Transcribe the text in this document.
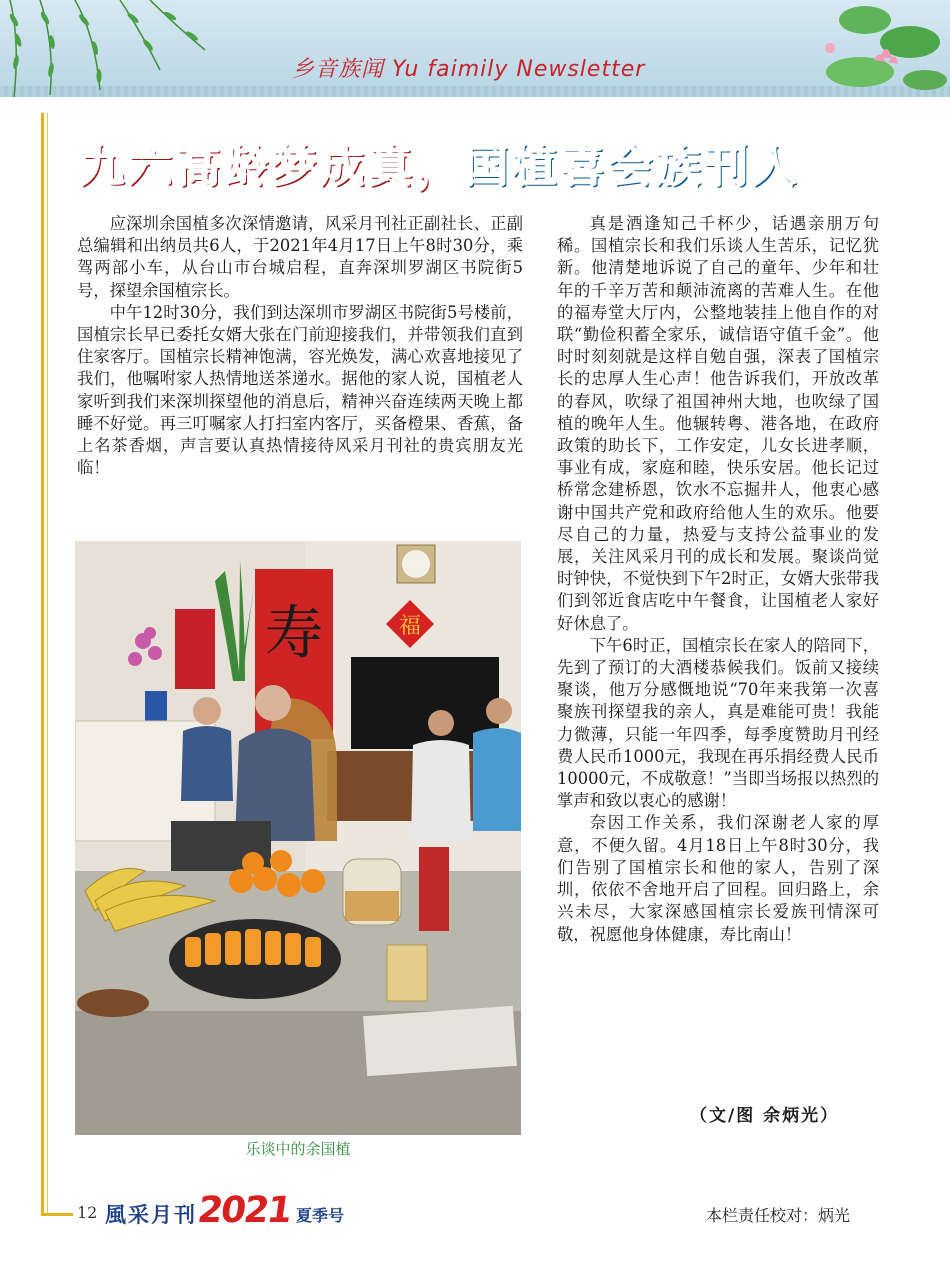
乡音族闻 Yu faimily Newsletter
九六高龄梦成真，国植喜会族刊人

应深圳余国植多次深情邀请，风采月刊社正副社长、正副总编辑和出纳员共6人，于2021年4月17日上午8时30分，乘驾两部小车，从台山市台城启程，直奔深圳罗湖区书院街5号，探望余国植宗长。

中午12时30分，我们到达深圳市罗湖区书院街5号楼前，国植宗长早已委托女婿大张在门前迎接我们，并带领我们直到住家客厅。国植宗长精神饱满，容光焕发，满心欢喜地接见了我们，他嘱咐家人热情地送茶递水。据他的家人说，国植老人家听到我们来深圳探望他的消息后，精神兴奋连续两天晚上都睡不好觉。再三叮嘱家人打扫室内客厅，买备橙果、香蕉，备上名茶香烟，声言要认真热情接待风采月刊社的贵宾朋友光临！

寿	福
乐谈中的余国植

真是酒逢知己千杯少，话遇亲朋万句稀。国植宗长和我们乐谈人生苦乐，记忆犹新。他清楚地诉说了自己的童年、少年和壮年的千辛万苦和颠沛流离的苦难人生。在他的福寿堂大厅内，公整地装挂上他自作的对联“勤俭积蓄全家乐，诚信语守值千金”。他时时刻刻就是这样自勉自强，深表了国植宗长的忠厚人生心声！他告诉我们，开放改革的春风，吹绿了祖国神州大地，也吹绿了国植的晚年人生。他辗转粤、港各地，在政府政策的助长下，工作安定，儿女长进孝顺，事业有成，家庭和睦，快乐安居。他长记过桥常念建桥恩，饮水不忘掘井人，他衷心感谢中国共产党和政府给他人生的欢乐。他要尽自己的力量，热爱与支持公益事业的发展，关注风采月刊的成长和发展。聚谈尚觉时钟快，不觉快到下午2时正，女婿大张带我们到邻近食店吃中午餐食，让国植老人家好好休息了。

下午6时正，国植宗长在家人的陪同下，先到了预订的大酒楼恭候我们。饭前又接续聚谈，他万分感慨地说“70年来我第一次喜聚族刊探望我的亲人，真是难能可贵！我能力微薄，只能一年四季，每季度赞助月刊经费人民币1000元，我现在再乐捐经费人民币10000元，不成敬意！”当即当场报以热烈的掌声和致以衷心的感谢！

奈因工作关系，我们深谢老人家的厚意，不便久留。4月18日上午8时30分，我们告别了国植宗长和他的家人，告别了深圳，依依不舍地开启了回程。回归路上，余兴未尽，大家深感国植宗长爱族刊情深可敬，祝愿他身体健康，寿比南山！

（文/图 余炳光）
12 風采月刊
2021 夏季号	本栏责任校对：炳光
